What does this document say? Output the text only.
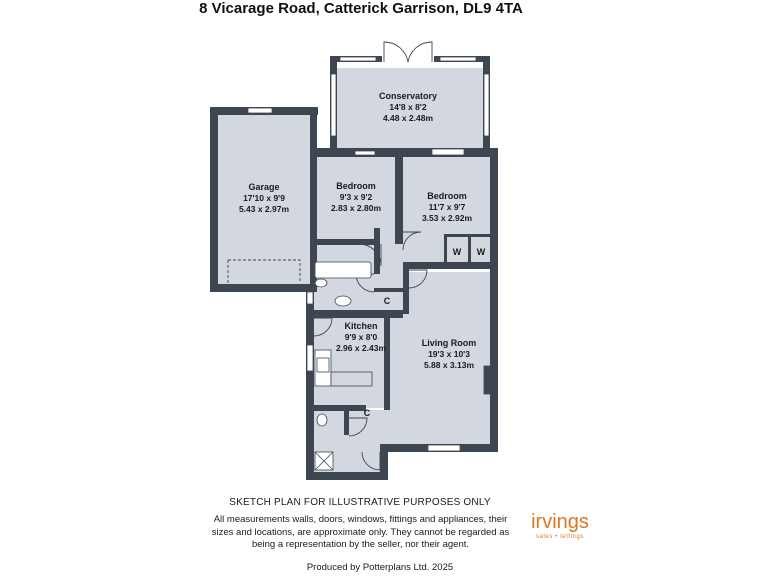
8 Vicarage Road, Catterick Garrison, DL9 4TA
Conservatory
14'8 x 8'2
4.48 x 2.48m
Garage
17'10 x 9'9
5.43 x 2.97m
Bedroom
9'3 x 9'2
2.83 x 2.80m
Bedroom
11'7 x 9'7
3.53 x 2.92m
Kitchen
9'9 x 8'0
2.96 x 2.43m	Living Room
19'3 x 10'3
5.88 x 3.13m
W W
C
C
SKETCH PLAN FOR ILLUSTRATIVE PURPOSES ONLY
All measurements walls, doors, windows, fittings and appliances, their
sizes and locations, are approximate only. They cannot be regarded as
being a representation by the seller, nor their agent.
irvings
sales • lettings
Produced by Potterplans Ltd. 2025
